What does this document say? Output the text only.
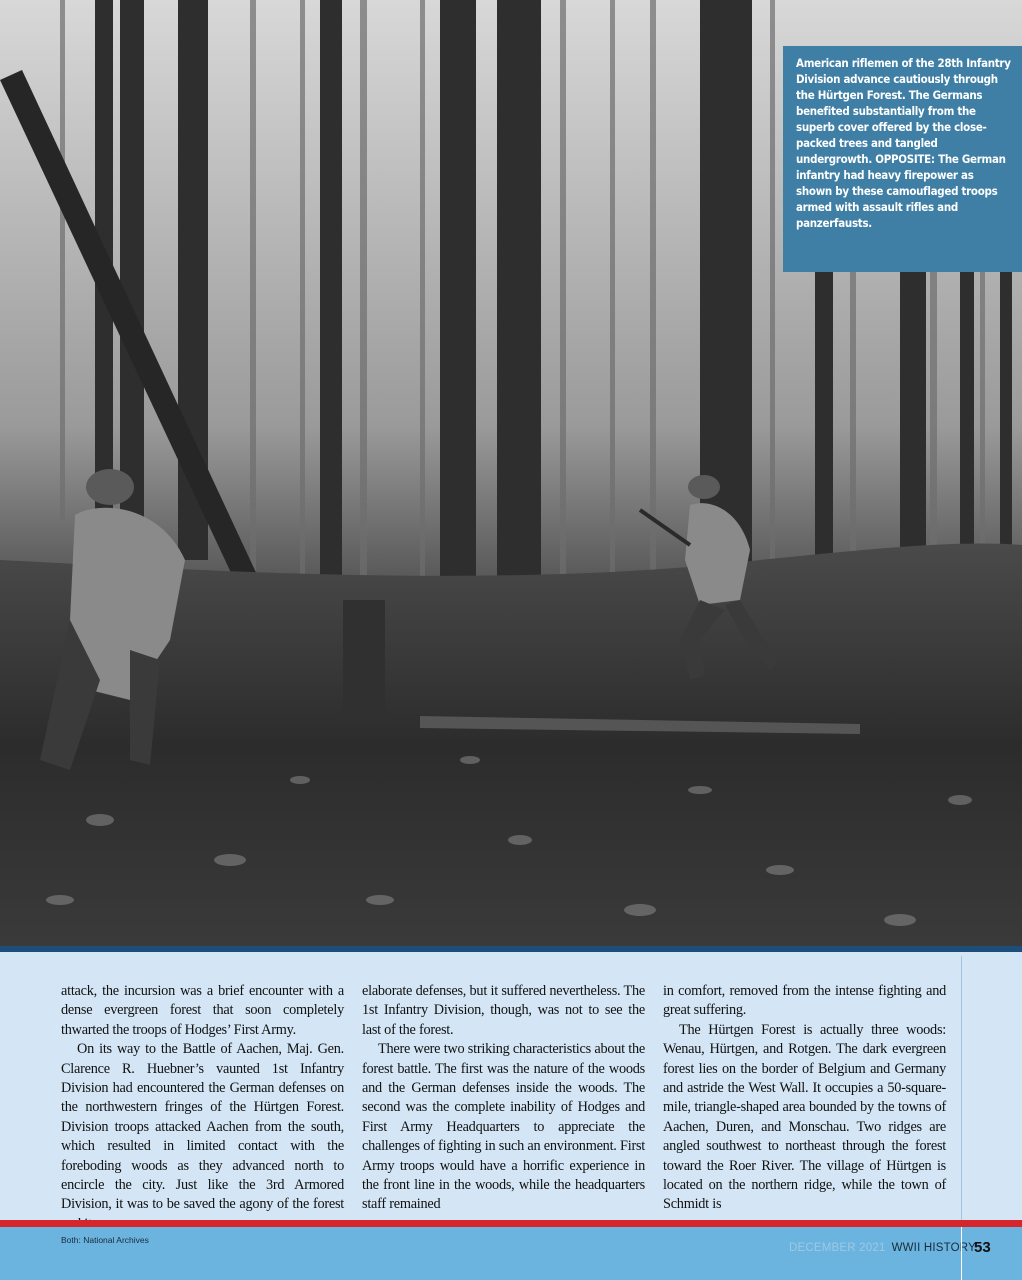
American riflemen of the 28th Infantry Division advance cautiously through the Hürtgen Forest. The Germans benefited substantially from the superb cover offered by the close-packed trees and tangled undergrowth. OPPOSITE: The German infantry had heavy firepower as shown by these camouflaged troops armed with assault rifles and panzerfausts.

attack, the incursion was a brief encounter with a dense evergreen forest that soon completely thwarted the troops of Hodges’ First Army.

On its way to the Battle of Aachen, Maj. Gen. Clarence R. Huebner’s vaunted 1st Infantry Division had encountered the German defenses on the northwestern fringes of the Hürtgen Forest. Division troops attacked Aachen from the south, which resulted in limited contact with the foreboding woods as they advanced north to encircle the city. Just like the 3rd Armored Division, it was to be saved the agony of the forest

elaborate defenses, but it suffered nevertheless. The 1st Infantry Division, though, was not to see the last of the forest.

There were two striking characteristics about the forest battle. The first was the nature of the woods and the German defenses inside the woods. The second was the complete inability of Hodges and First Army Headquarters to appreciate the challenges of fighting in such an environment. First Army troops would have a horrific experience in the front line in the woods, while the headquarters staff remained

in comfort, removed from the intense fighting and great suffering.

The Hürtgen Forest is actually three woods: Wenau, Hürtgen, and Rotgen. The dark evergreen forest lies on the border of Belgium and Germany and astride the West Wall. It occupies a 50-square-mile, triangle-shaped area bounded by the towns of Aachen, Duren, and Monschau. Two ridges are angled southwest to northeast through the forest toward the Roer River. The village of Hürtgen is located on the northern ridge, while the town of Schmidt is

Both: National Archives
DECEMBER 2021 WWII HISTORY
53
